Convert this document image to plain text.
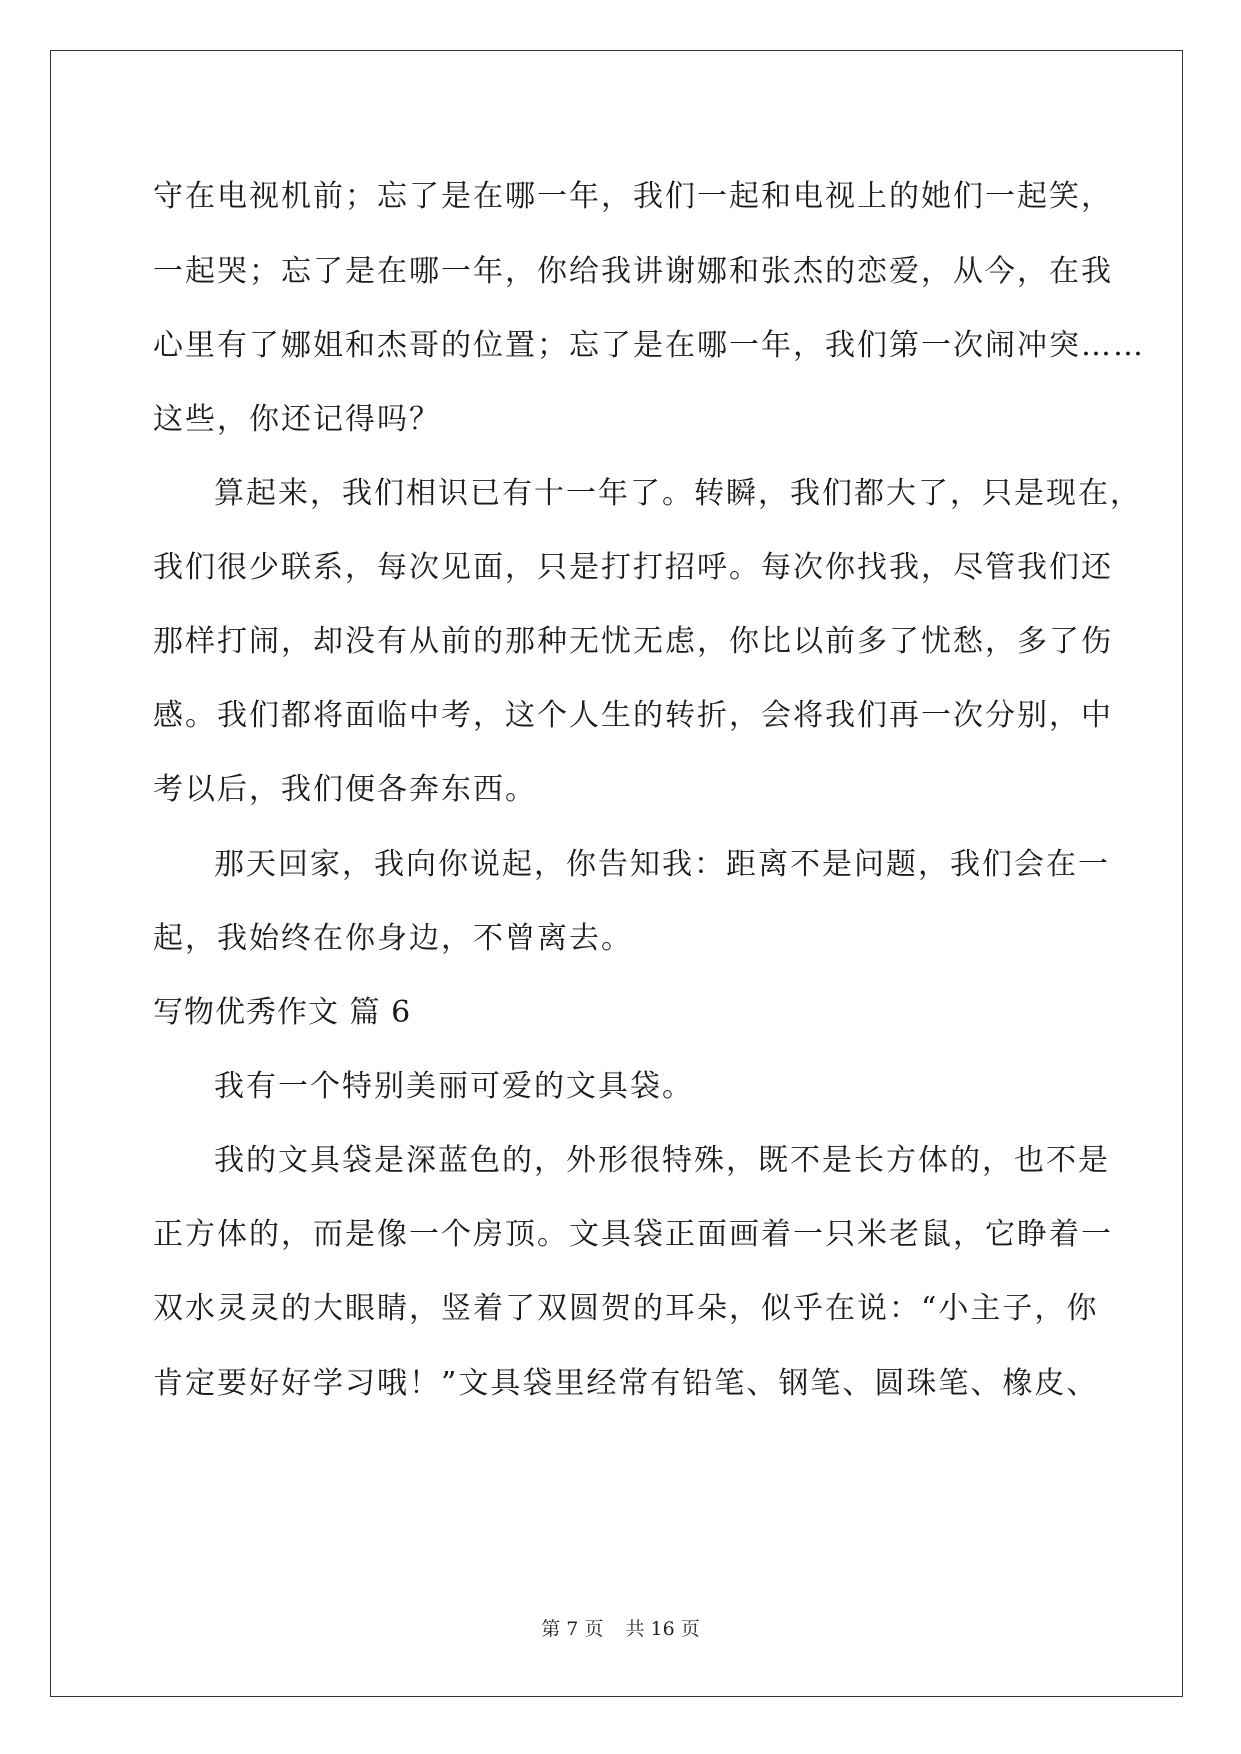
守在电视机前；忘了是在哪一年，我们一起和电视上的她们一起笑，
一起哭；忘了是在哪一年，你给我讲谢娜和张杰的恋爱，从今，在我
心里有了娜姐和杰哥的位置；忘了是在哪一年，我们第一次闹冲突……
这些，你还记得吗？
算起来，我们相识已有十一年了。转瞬，我们都大了，只是现在，
我们很少联系，每次见面，只是打打招呼。每次你找我，尽管我们还
那样打闹，却没有从前的那种无忧无虑，你比以前多了忧愁，多了伤
感。我们都将面临中考，这个人生的转折，会将我们再一次分别，中
考以后，我们便各奔东西。
那天回家，我向你说起，你告知我：距离不是问题，我们会在一
起，我始终在你身边，不曾离去。
写物优秀作文 篇 6
我有一个特别美丽可爱的文具袋。
我的文具袋是深蓝色的，外形很特殊，既不是长方体的，也不是
正方体的，而是像一个房顶。文具袋正面画着一只米老鼠，它睁着一
双水灵灵的大眼睛，竖着了双圆贺的耳朵，似乎在说：“小主子，你
肯定要好好学习哦！”文具袋里经常有铅笔、钢笔、圆珠笔、橡皮、
第 7 页 共 16 页
